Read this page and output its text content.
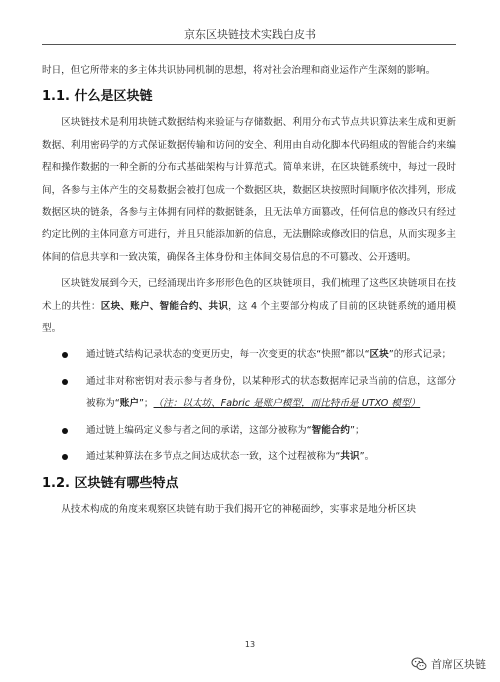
京东区块链技术实践白皮书

时日，但它所带来的多主体共识协同机制的思想，将对社会治理和商业运作产生深刻的影响。

1.1. 什么是区块链

区块链技术是利用块链式数据结构来验证与存储数据、利用分布式节点共识算法来生成和更新数据、利用密码学的方式保证数据传输和访问的安全、利用由自动化脚本代码组成的智能合约来编程和操作数据的一种全新的分布式基础架构与计算范式。简单来讲，在区块链系统中，每过一段时间，各参与主体产生的交易数据会被打包成一个数据区块，数据区块按照时间顺序依次排列，形成数据区块的链条，各参与主体拥有同样的数据链条，且无法单方面篡改，任何信息的修改只有经过约定比例的主体同意方可进行，并且只能添加新的信息，无法删除或修改旧的信息，从而实现多主体间的信息共享和一致决策，确保各主体身份和主体间交易信息的不可篡改、公开透明。

区块链发展到今天，已经涌现出许多形形色色的区块链项目，我们梳理了这些区块链项目在技术上的共性：区块、账户、智能合约、共识，这 4 个主要部分构成了目前的区块链系统的通用模型。

通过链式结构记录状态的变更历史，每一次变更的状态“快照”都以“区块”的形式记录；
通过非对称密钥对表示参与者身份，以某种形式的状态数据库记录当前的信息，这部分被称为“账户”；（注：以太坊、Fabric 是账户模型，而比特币是 UTXO 模型）
通过链上编码定义参与者之间的承诺，这部分被称为“智能合约”；
通过某种算法在多节点之间达成状态一致，这个过程被称为“共识”。
1.2. 区块链有哪些特点

从技术构成的角度来观察区块链有助于我们揭开它的神秘面纱，实事求是地分析区块

13
首席区块链
